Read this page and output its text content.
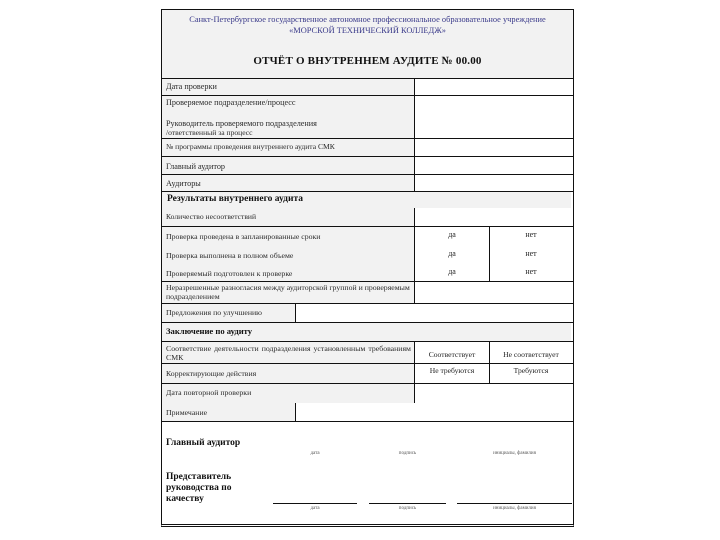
Санкт-Петербургское государственное автономное профессиональное образовательное учреждение
«МОРСКОЙ ТЕХНИЧЕСКИЙ КОЛЛЕДЖ»
ОТЧЁТ О ВНУТРЕННЕМ АУДИТЕ № 00.00
Дата проверки
Проверяемое подразделение/процесс
Руководитель проверяемого подразделения
/ответственный за процесс
№ программы проведения внутреннего аудита СМК
Главный аудитор
Аудиторы
Результаты внутреннего аудита
Количество несоответствий
Проверка проведена в запланированные сроки	да	нет
Проверка выполнена в полном объеме	да	нет
Проверяемый подготовлен к проверке	да	нет
Неразрешенные разногласия между аудиторской группой и проверяемым подразделением
Предложения по улучшению
Заключение по аудиту
Соответствие деятельности подразделения установленным требованиям СМК	Соответствует	Не соответствует
Корректирующие действия	Не требуются	Требуются
Дата повторной проверки
Примечание
Главный аудитор
дата	подпись	инициалы, фамилия
Представитель
руководства по
качеству
дата	подпись	инициалы, фамилия
